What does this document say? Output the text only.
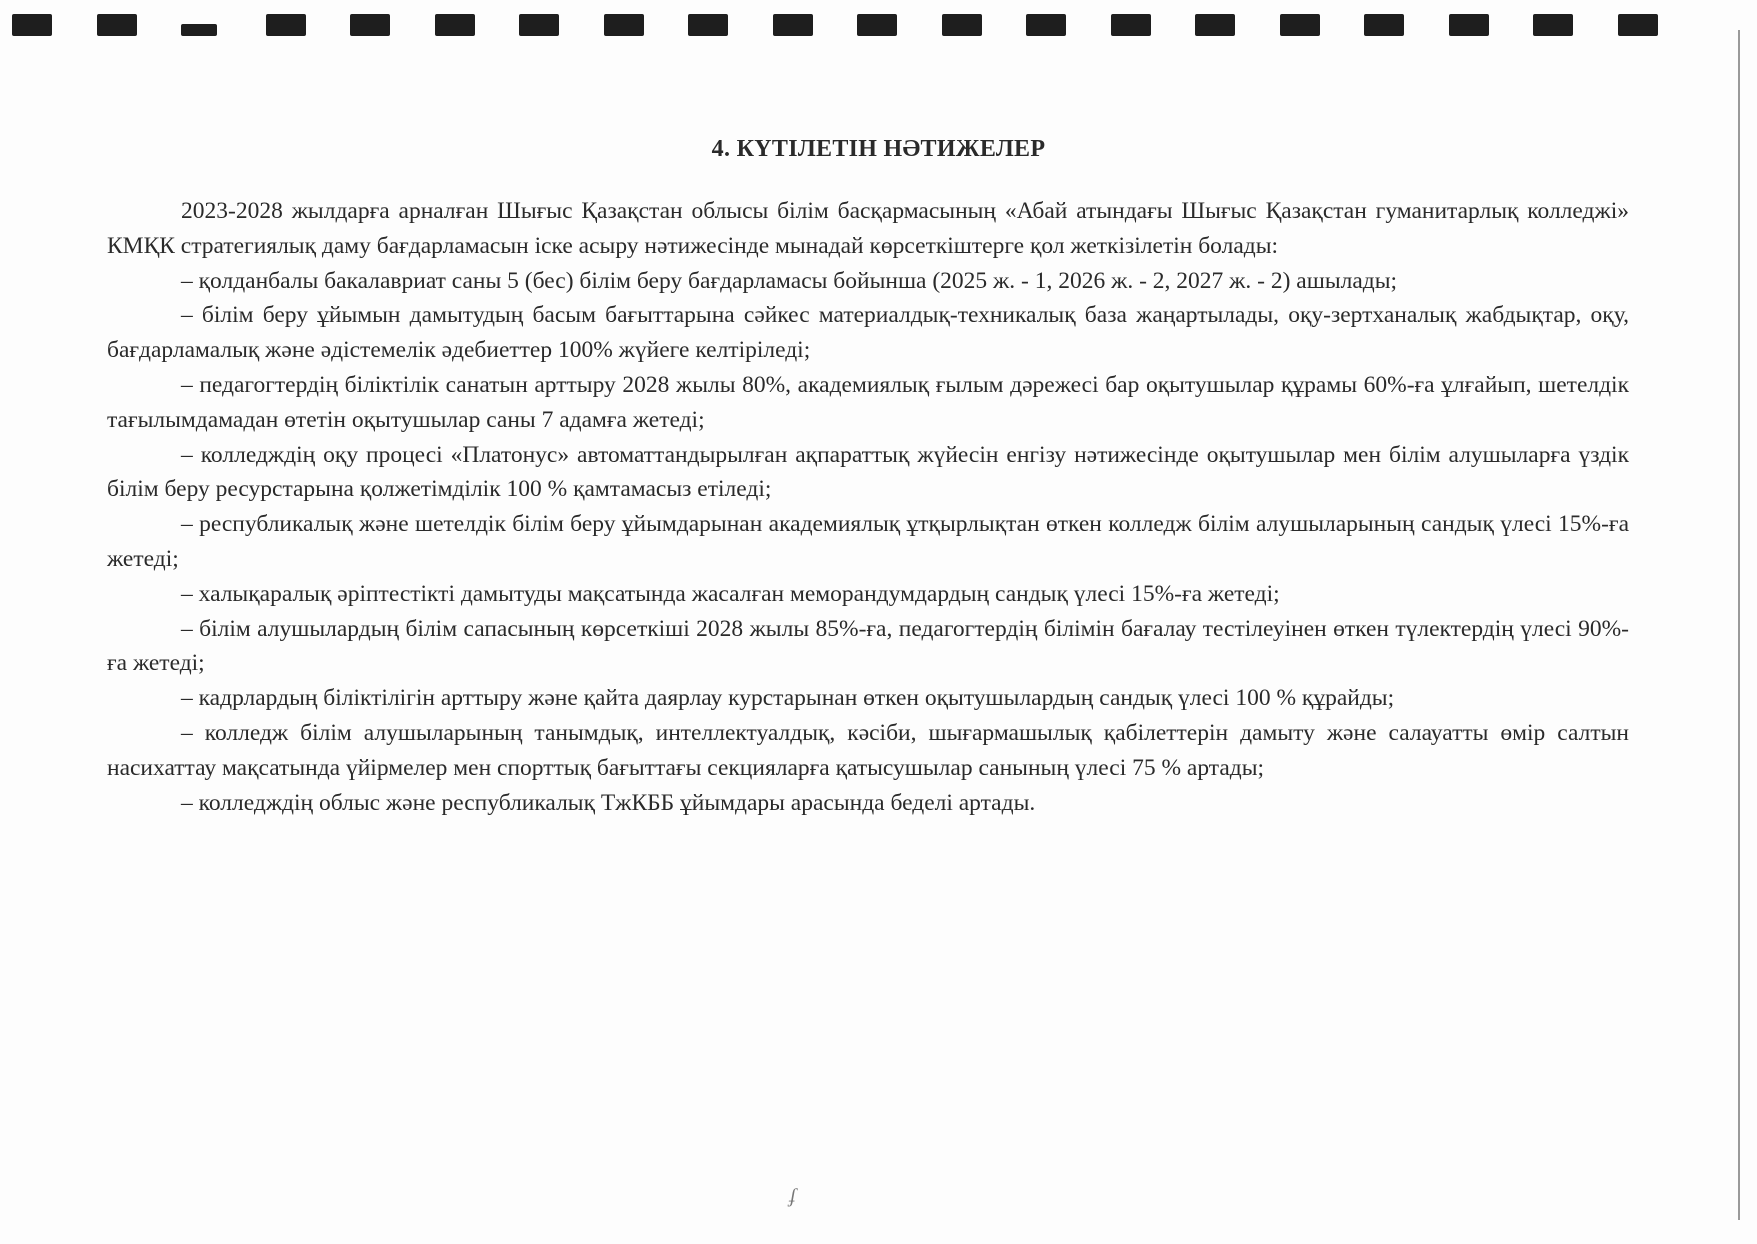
4. КҮТІЛЕТІН НӘТИЖЕЛЕР

2023-2028 жылдарға арналған Шығыс Қазақстан облысы білім басқармасының «Абай атындағы Шығыс Қазақстан гуманитарлық колледжі» КМҚК стратегиялық даму бағдарламасын іске асыру нәтижесінде мынадай көрсеткіштерге қол жеткізілетін болады:

– қолданбалы бакалавриат саны 5 (бес) білім беру бағдарламасы бойынша (2025 ж. - 1, 2026 ж. - 2, 2027 ж. - 2) ашылады;

– білім беру ұйымын дамытудың басым бағыттарына сәйкес материалдық-техникалық база жаңартылады, оқу-зертханалық жабдықтар, оқу, бағдарламалық және әдістемелік әдебиеттер 100% жүйеге келтіріледі;

– педагогтердің біліктілік санатын арттыру 2028 жылы 80%, академиялық ғылым дәрежесі бар оқытушылар құрамы 60%-ға ұлғайып, шетелдік тағылымдамадан өтетін оқытушылар саны 7 адамға жетеді;

– колледждің оқу процесі «Платонус» автоматтандырылған ақпараттық жүйесін енгізу нәтижесінде оқытушылар мен білім алушыларға үздік білім беру ресурстарына қолжетімділік 100 % қамтамасыз етіледі;

– республикалық және шетелдік білім беру ұйымдарынан академиялық ұтқырлықтан өткен колледж білім алушыларының сандық үлесі 15%-ға жетеді;

– халықаралық әріптестікті дамытуды мақсатында жасалған меморандумдардың сандық үлесі 15%-ға жетеді;

– білім алушылардың білім сапасының көрсеткіші 2028 жылы 85%-ға, педагогтердің білімін бағалау тестілеуінен өткен түлектердің үлесі 90%-ға жетеді;

– кадрлардың біліктілігін арттыру және қайта даярлау курстарынан өткен оқытушылардың сандық үлесі 100 % құрайды;

– колледж білім алушыларының танымдық, интеллектуалдық, кәсіби, шығармашылық қабілеттерін дамыту және салауатты өмір салтын насихаттау мақсатында үйірмелер мен спорттық бағыттағы секцияларға қатысушылар санының үлесі 75 % артады;

– колледждің облыс және республикалық ТжКББ ұйымдары арасында беделі артады.

ʄ
